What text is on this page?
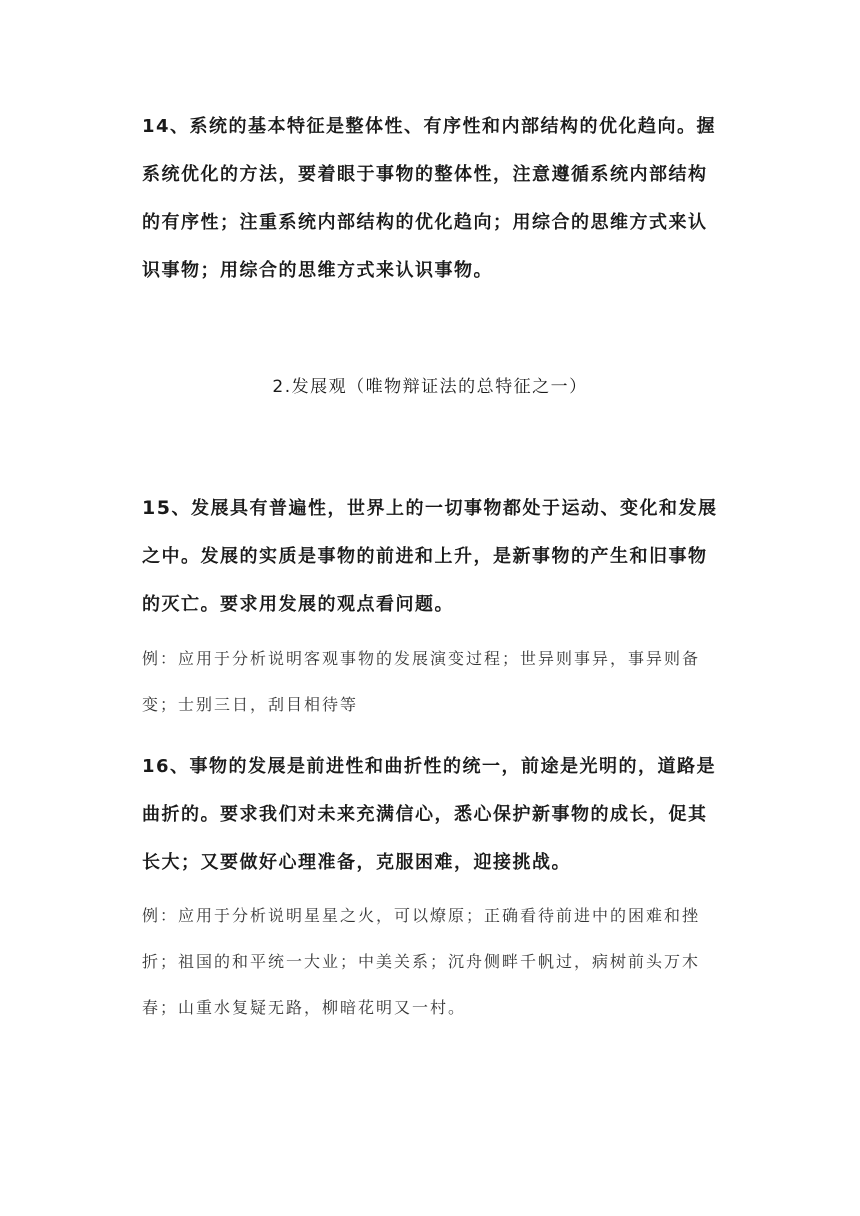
14、系统的基本特征是整体性、有序性和内部结构的优化趋向。握系统优化的方法，要着眼于事物的整体性，注意遵循系统内部结构的有序性；注重系统内部结构的优化趋向；用综合的思维方式来认识事物；用综合的思维方式来认识事物。

2.发展观（唯物辩证法的总特征之一）

15、发展具有普遍性，世界上的一切事物都处于运动、变化和发展之中。发展的实质是事物的前进和上升，是新事物的产生和旧事物的灭亡。要求用发展的观点看问题。

例：应用于分析说明客观事物的发展演变过程；世异则事异，事异则备变；士别三日，刮目相待等

16、事物的发展是前进性和曲折性的统一，前途是光明的，道路是曲折的。要求我们对未来充满信心，悉心保护新事物的成长，促其长大；又要做好心理准备，克服困难，迎接挑战。

例：应用于分析说明星星之火，可以燎原；正确看待前进中的困难和挫折；祖国的和平统一大业；中美关系；沉舟侧畔千帆过，病树前头万木春；山重水复疑无路，柳暗花明又一村。
